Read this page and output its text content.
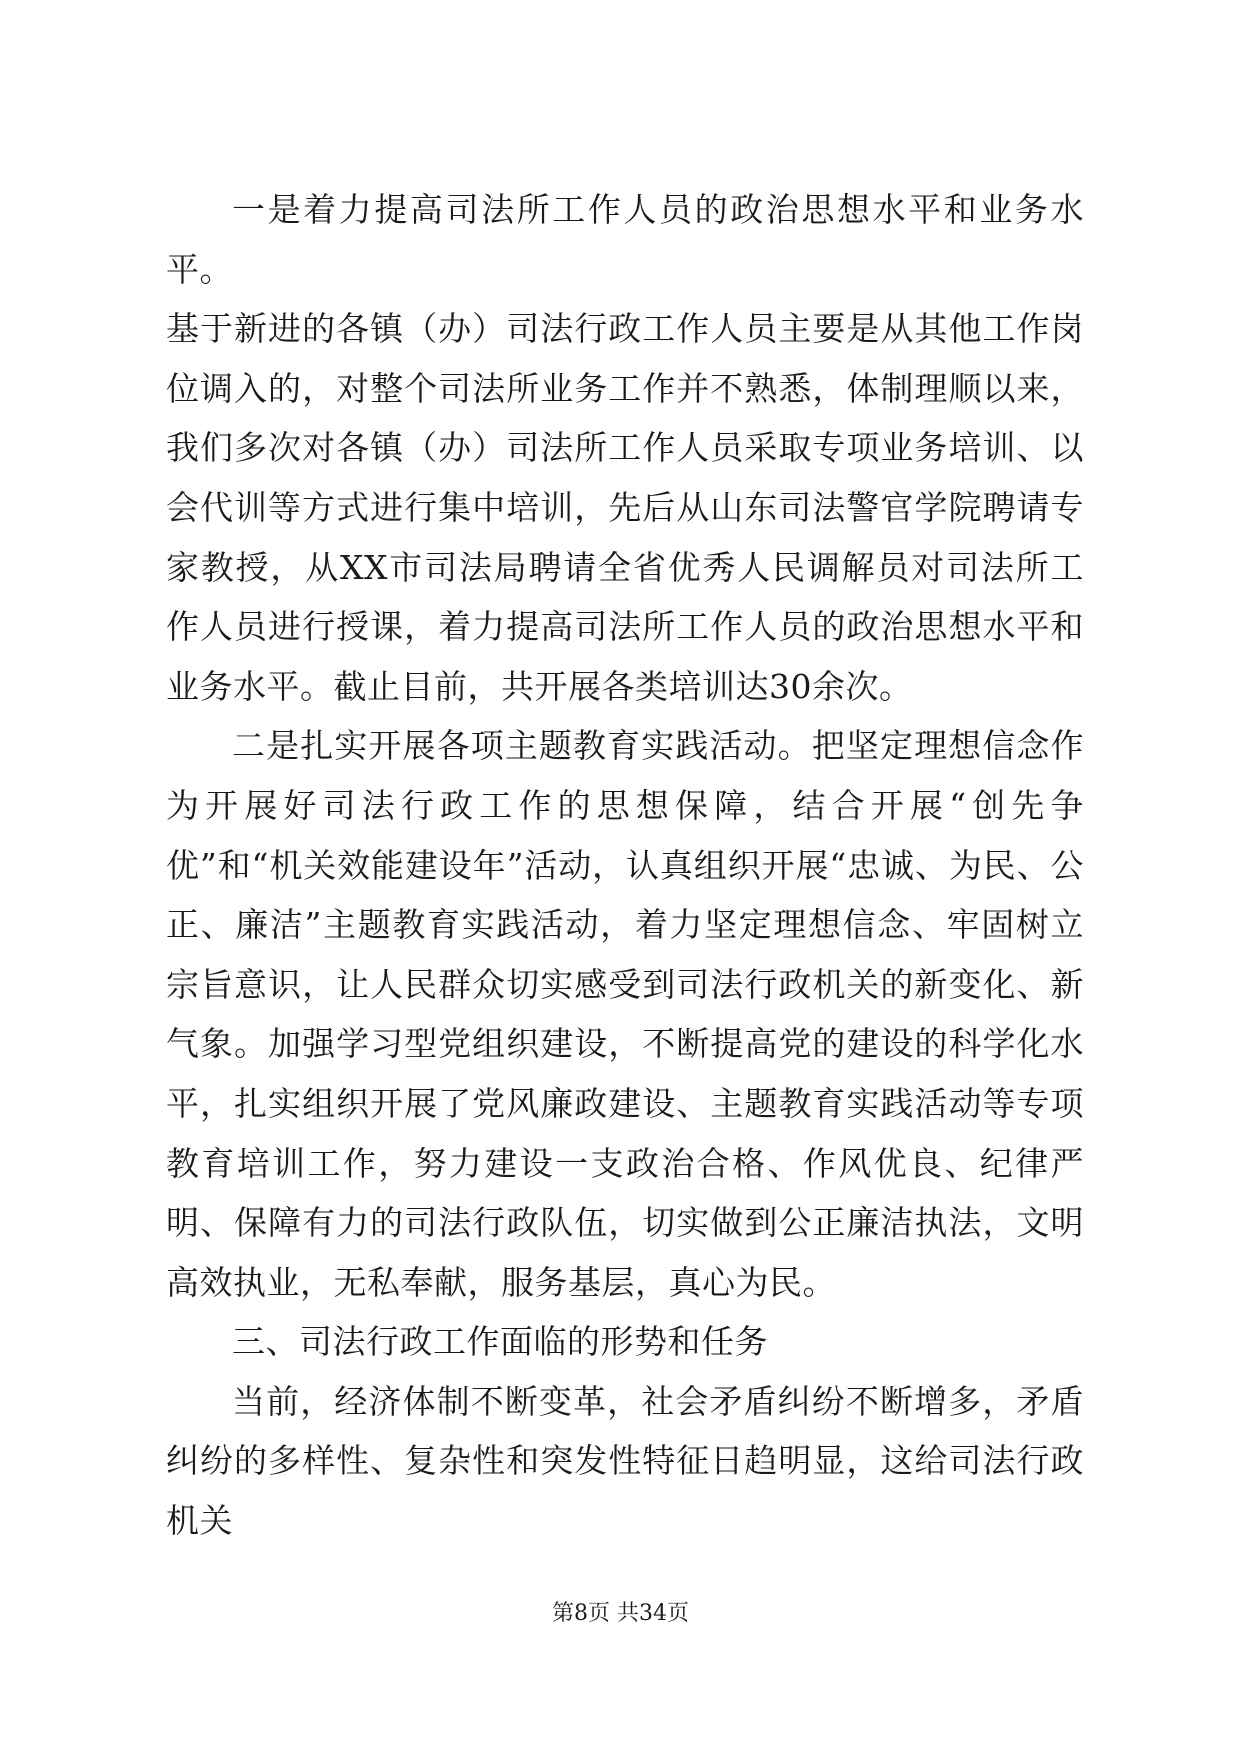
一是着力提高司法所工作人员的政治思想水平和业务水平。
基于新进的各镇（办）司法行政工作人员主要是从其他工作岗位调入的，对整个司法所业务工作并不熟悉，体制理顺以来，我们多次对各镇（办）司法所工作人员采取专项业务培训、以会代训等方式进行集中培训，先后从山东司法警官学院聘请专家教授，从XX市司法局聘请全省优秀人民调解员对司法所工作人员进行授课，着力提高司法所工作人员的政治思想水平和业务水平。截止目前，共开展各类培训达30余次。

二是扎实开展各项主题教育实践活动。把坚定理想信念作为开展好司法行政工作的思想保障，结合开展“创先争优”和“机关效能建设年”活动，认真组织开展“忠诚、为民、公正、廉洁”主题教育实践活动，着力坚定理想信念、牢固树立宗旨意识，让人民群众切实感受到司法行政机关的新变化、新气象。加强学习型党组织建设，不断提高党的建设的科学化水平，扎实组织开展了党风廉政建设、主题教育实践活动等专项教育培训工作，努力建设一支政治合格、作风优良、纪律严明、保障有力的司法行政队伍，切实做到公正廉洁执法，文明高效执业，无私奉献，服务基层，真心为民。

三、司法行政工作面临的形势和任务

当前，经济体制不断变革，社会矛盾纠纷不断增多，矛盾纠纷的多样性、复杂性和突发性特征日趋明显，这给司法行政机关

第8页 共34页
